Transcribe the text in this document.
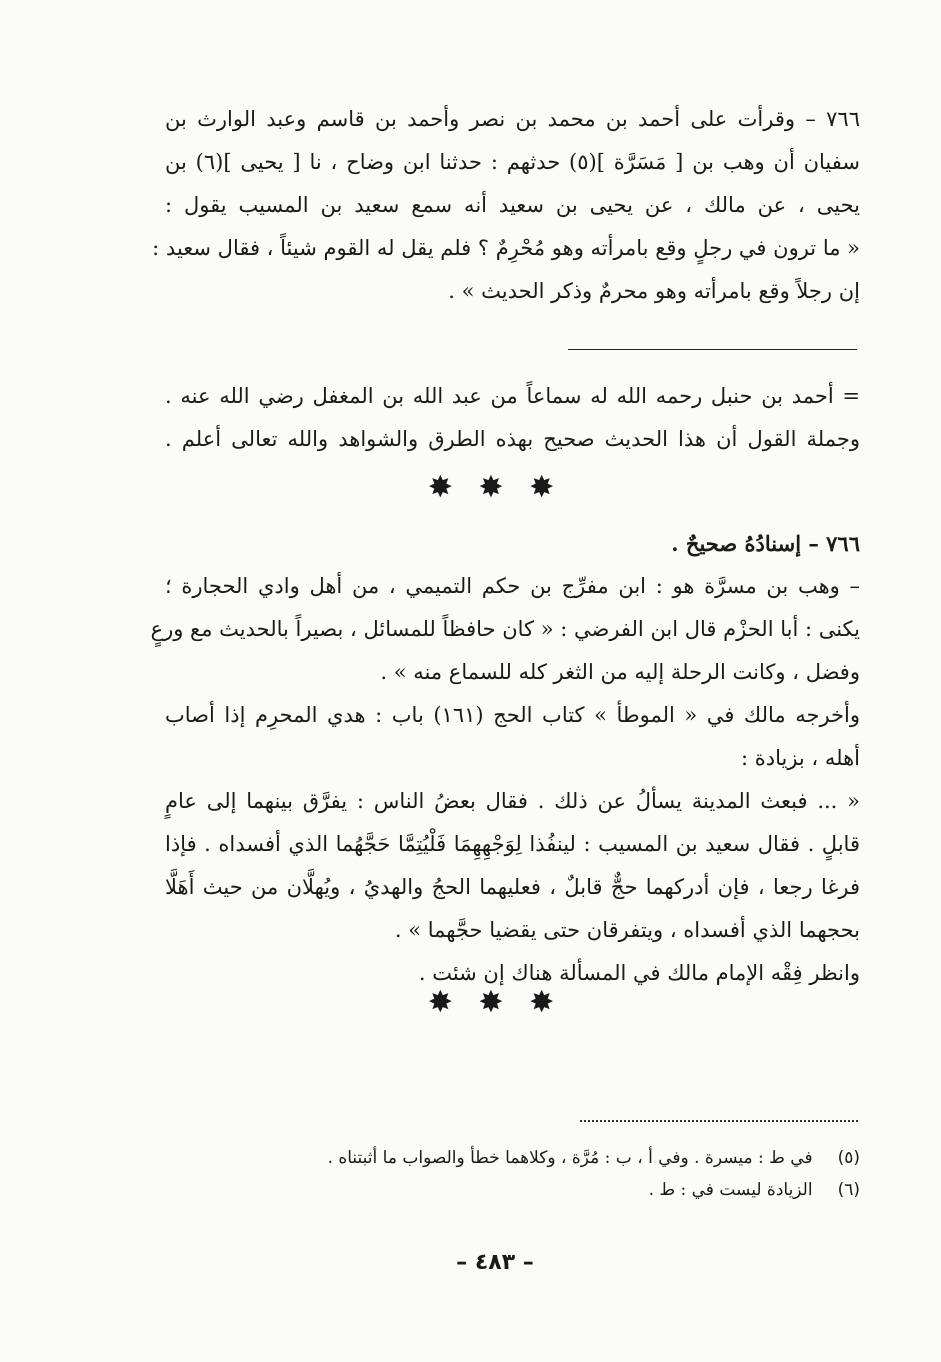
٧٦٦ – وقرأت على أحمد بن محمد بن نصر وأحمد بن قاسم وعبد الوارث بن
سفيان أن وهب بن [ مَسَرَّة ](٥) حدثهم : حدثنا ابن وضاح ، نا [ يحيى ](٦) بن
يحيى ، عن مالك ، عن يحيى بن سعيد أنه سمع سعيد بن المسيب يقول :
« ما ترون في رجلٍ وقع بامرأته وهو مُحْرِمٌ ؟ فلم يقل له القوم شيئاً ، فقال سعيد :
إن رجلاً وقع بامرأته وهو محرمٌ وذكر الحديث » .
= أحمد بن حنبل رحمه الله له سماعاً من عبد الله بن المغفل رضي الله عنه .
وجملة القول أن هذا الحديث صحيح بهذه الطرق والشواهد والله تعالى أعلم .
✸ ✸ ✸
٧٦٦ – إسنادُهُ صحيحٌ .
– وهب بن مسرَّة هو : ابن مفرِّج بن حكم التميمي ، من أهل وادي الحجارة ؛
يكنى : أبا الحزْم قال ابن الفرضي : « كان حافظاً للمسائل ، بصيراً بالحديث مع ورعٍ
وفضل ، وكانت الرحلة إليه من الثغر كله للسماع منه » .
وأخرجه مالك في « الموطأ » كتاب الحج (١٦١) باب : هدي المحرِم إذا أصاب
أهله ، بزيادة :
« ... فبعث المدينة يسألُ عن ذلك . فقال بعضُ الناس : يفرَّق بينهما إلى عامٍ
قابلٍ . فقال سعيد بن المسيب : لينفُذا لِوَجْهِهِمَا فَلْيُتِمَّا حَجَّهُما الذي أفسداه . فإذا
فرغا رجعا ، فإن أدركهما حجٌّ قابلٌ ، فعليهما الحجُ والهديُ ، ويُهلَّان من حيث أَهَلَّا
بحجهما الذي أفسداه ، ويتفرقان حتى يقضيا حجَّهما » .
وانظر فِقْه الإمام مالك في المسألة هناك إن شئت .
✸ ✸ ✸
(٥) في ط : ميسرة . وفي أ ، ب : مُرَّة ، وكلاهما خطأ والصواب ما أثبتناه .
(٦) الزيادة ليست في : ط .
– ٤٨٣ –
